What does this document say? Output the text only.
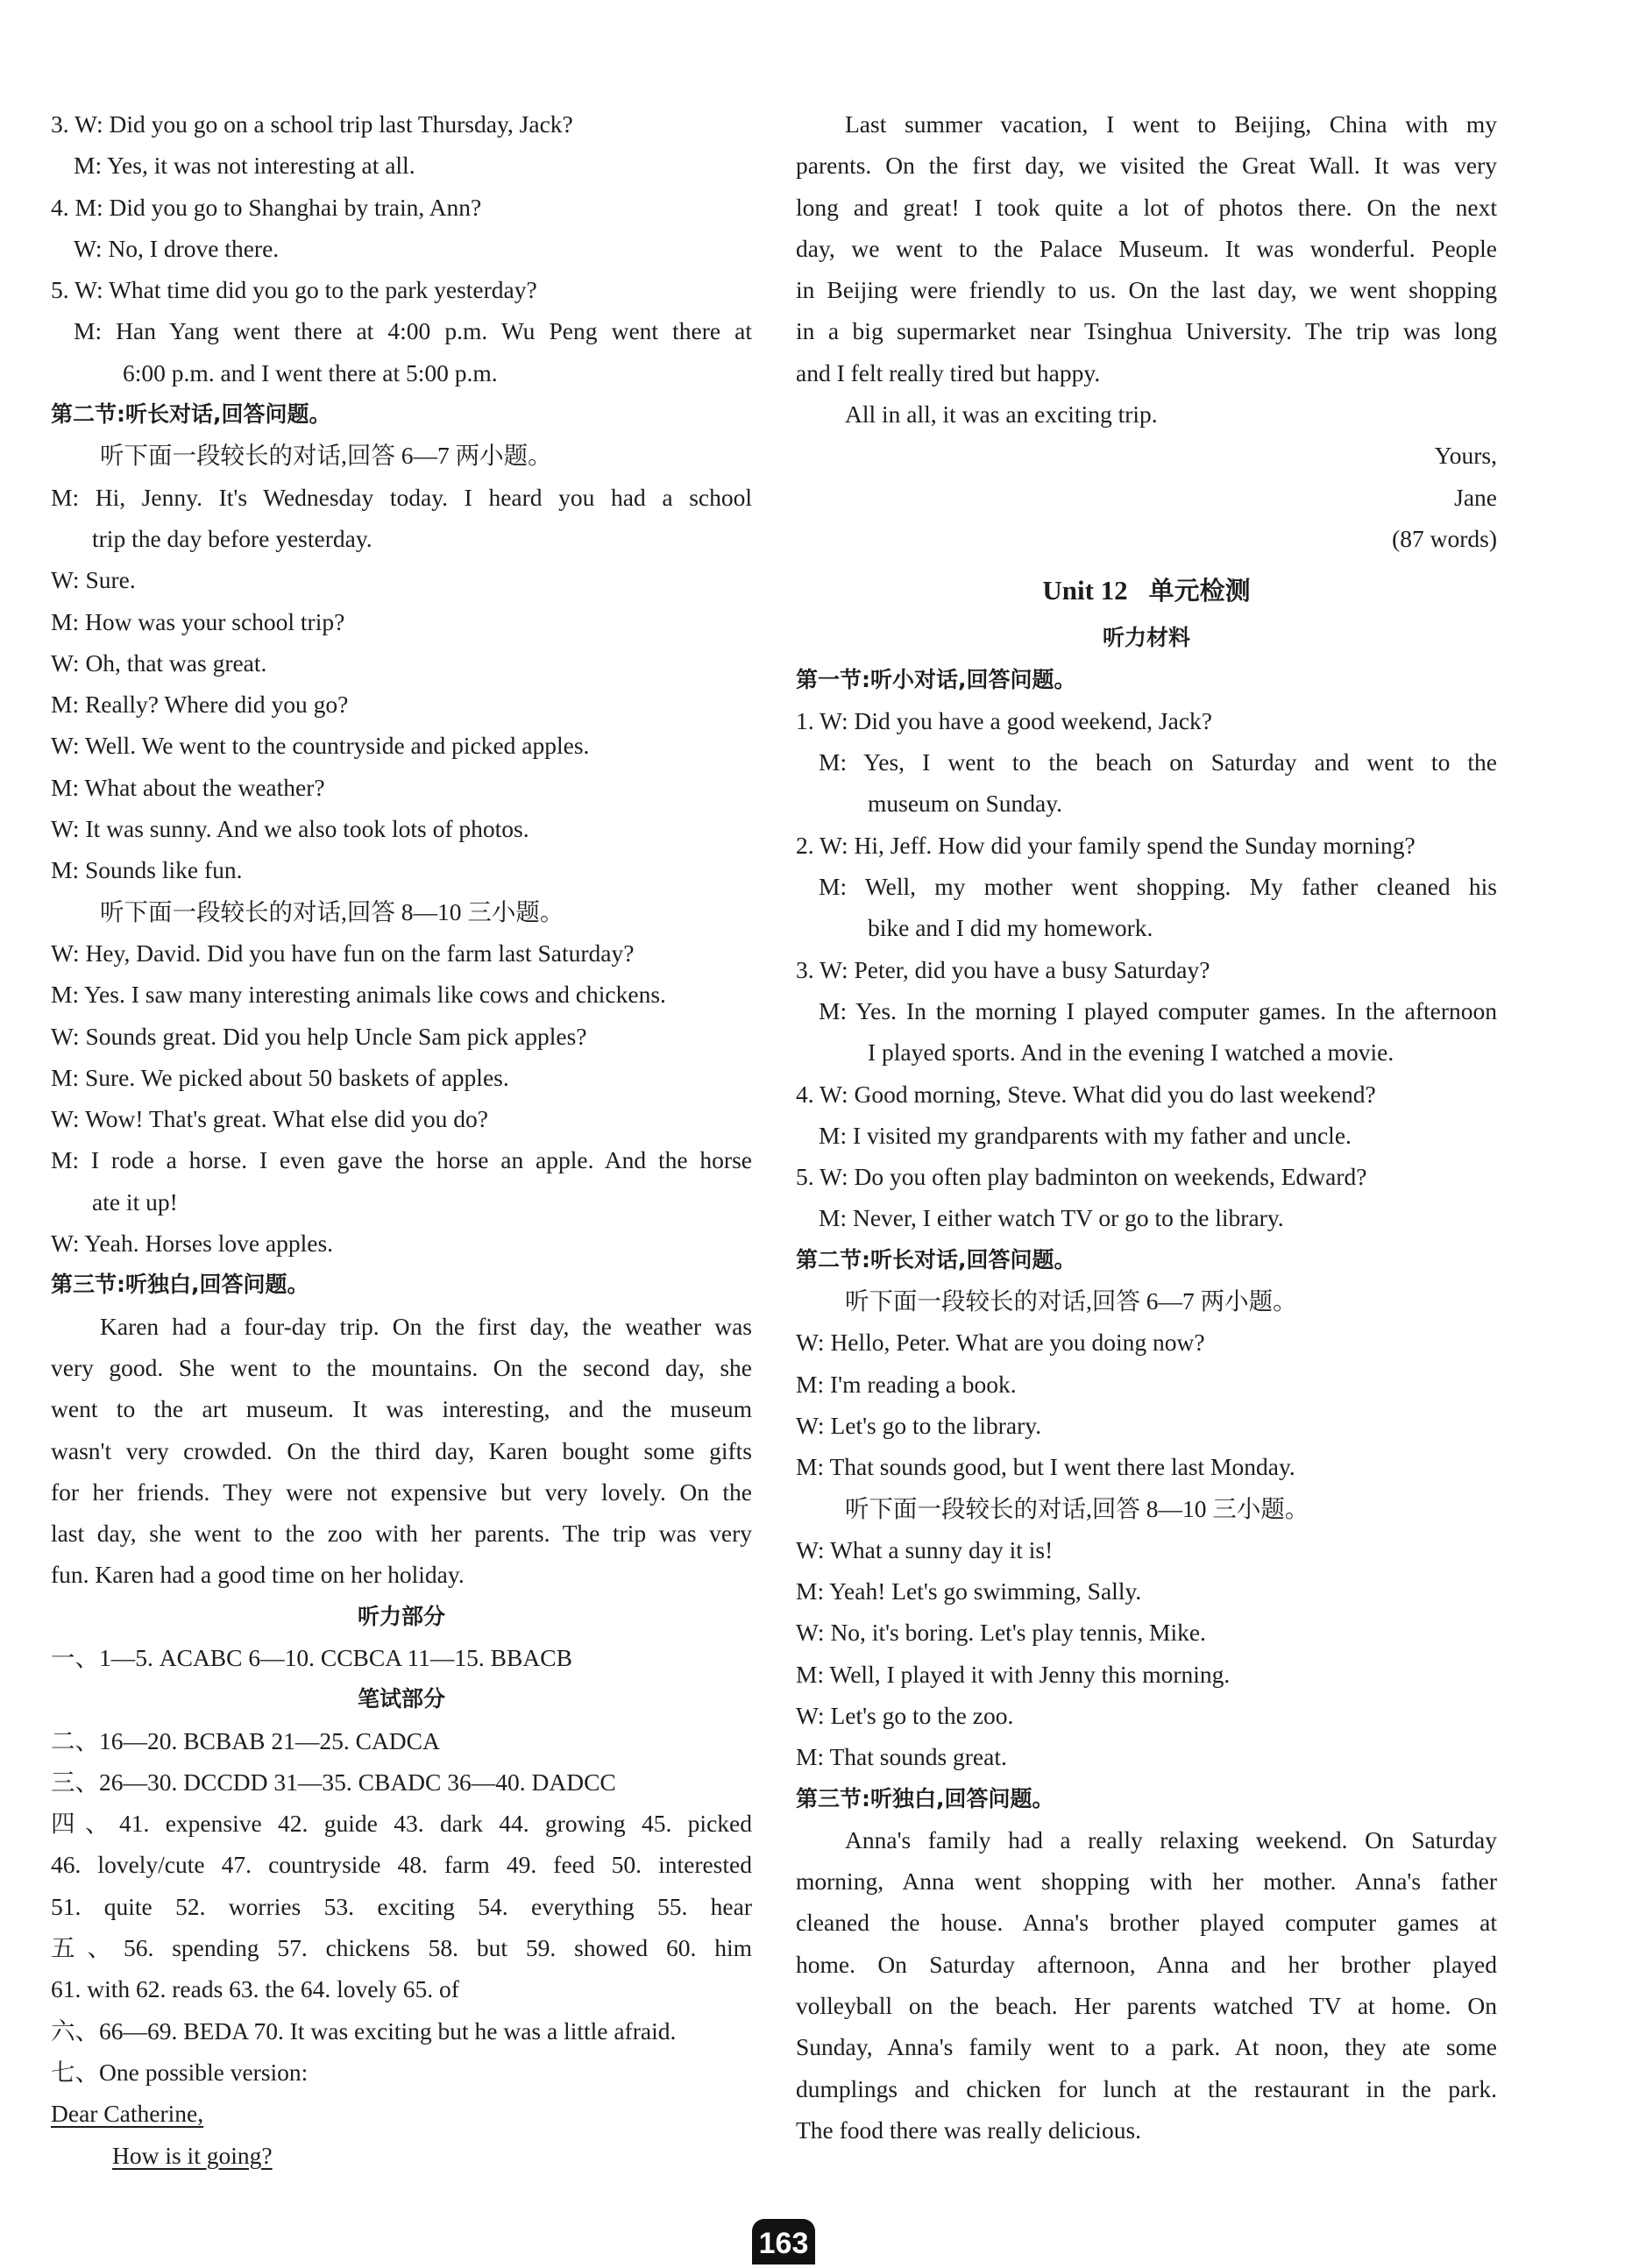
3. W: Did you go on a school trip last Thursday, Jack?
M: Yes, it was not interesting at all.
4. M: Did you go to Shanghai by train, Ann?
W: No, I drove there.
5. W: What time did you go to the park yesterday?
M: Han Yang went there at 4:00 p.m. Wu Peng went there at
6:00 p.m. and I went there at 5:00 p.m.
第二节:听长对话,回答问题。
听下面一段较长的对话,回答 6—7 两小题。
M: Hi, Jenny. It's Wednesday today. I heard you had a school
trip the day before yesterday.
W: Sure.
M: How was your school trip?
W: Oh, that was great.
M: Really? Where did you go?
W: Well. We went to the countryside and picked apples.
M: What about the weather?
W: It was sunny. And we also took lots of photos.
M: Sounds like fun.
听下面一段较长的对话,回答 8—10 三小题。
W: Hey, David. Did you have fun on the farm last Saturday?
M: Yes. I saw many interesting animals like cows and chickens.
W: Sounds great. Did you help Uncle Sam pick apples?
M: Sure. We picked about 50 baskets of apples.
W: Wow! That's great. What else did you do?
M: I rode a horse. I even gave the horse an apple. And the horse
ate it up!
W: Yeah. Horses love apples.
第三节:听独白,回答问题。
Karen had a four-day trip. On the first day, the weather was
very good. She went to the mountains. On the second day, she
went to the art museum. It was interesting, and the museum
wasn't very crowded. On the third day, Karen bought some gifts
for her friends. They were not expensive but very lovely. On the
last day, she went to the zoo with her parents. The trip was very
fun. Karen had a good time on her holiday.
听力部分
一、1—5. ACABC 6—10. CCBCA 11—15. BBACB
笔试部分
二、16—20. BCBAB 21—25. CADCA
三、26—30. DCCDD 31—35. CBADC 36—40. DADCC
四、41. expensive 42. guide 43. dark 44. growing 45. picked
46. lovely/cute 47. countryside 48. farm 49. feed 50. interested
51. quite 52. worries 53. exciting 54. everything 55. hear
五、56. spending 57. chickens 58. but 59. showed 60. him
61. with 62. reads 63. the 64. lovely 65. of
六、66—69. BEDA 70. It was exciting but he was a little afraid.
七、One possible version:
Dear Catherine,
How is it going?
Last summer vacation, I went to Beijing, China with my
parents. On the first day, we visited the Great Wall. It was very
long and great! I took quite a lot of photos there. On the next
day, we went to the Palace Museum. It was wonderful. People
in Beijing were friendly to us. On the last day, we went shopping
in a big supermarket near Tsinghua University. The trip was long
and I felt really tired but happy.
All in all, it was an exciting trip.
Yours,
Jane
(87 words)
Unit 12 单元检测
听力材料
第一节:听小对话,回答问题。
1. W: Did you have a good weekend, Jack?
M: Yes, I went to the beach on Saturday and went to the
museum on Sunday.
2. W: Hi, Jeff. How did your family spend the Sunday morning?
M: Well, my mother went shopping. My father cleaned his
bike and I did my homework.
3. W: Peter, did you have a busy Saturday?
M: Yes. In the morning I played computer games. In the afternoon
I played sports. And in the evening I watched a movie.
4. W: Good morning, Steve. What did you do last weekend?
M: I visited my grandparents with my father and uncle.
5. W: Do you often play badminton on weekends, Edward?
M: Never, I either watch TV or go to the library.
第二节:听长对话,回答问题。
听下面一段较长的对话,回答 6—7 两小题。
W: Hello, Peter. What are you doing now?
M: I'm reading a book.
W: Let's go to the library.
M: That sounds good, but I went there last Monday.
听下面一段较长的对话,回答 8—10 三小题。
W: What a sunny day it is!
M: Yeah! Let's go swimming, Sally.
W: No, it's boring. Let's play tennis, Mike.
M: Well, I played it with Jenny this morning.
W: Let's go to the zoo.
M: That sounds great.
第三节:听独白,回答问题。
Anna's family had a really relaxing weekend. On Saturday
morning, Anna went shopping with her mother. Anna's father
cleaned the house. Anna's brother played computer games at
home. On Saturday afternoon, Anna and her brother played
volleyball on the beach. Her parents watched TV at home. On
Sunday, Anna's family went to a park. At noon, they ate some
dumplings and chicken for lunch at the restaurant in the park.
The food there was really delicious.
163
